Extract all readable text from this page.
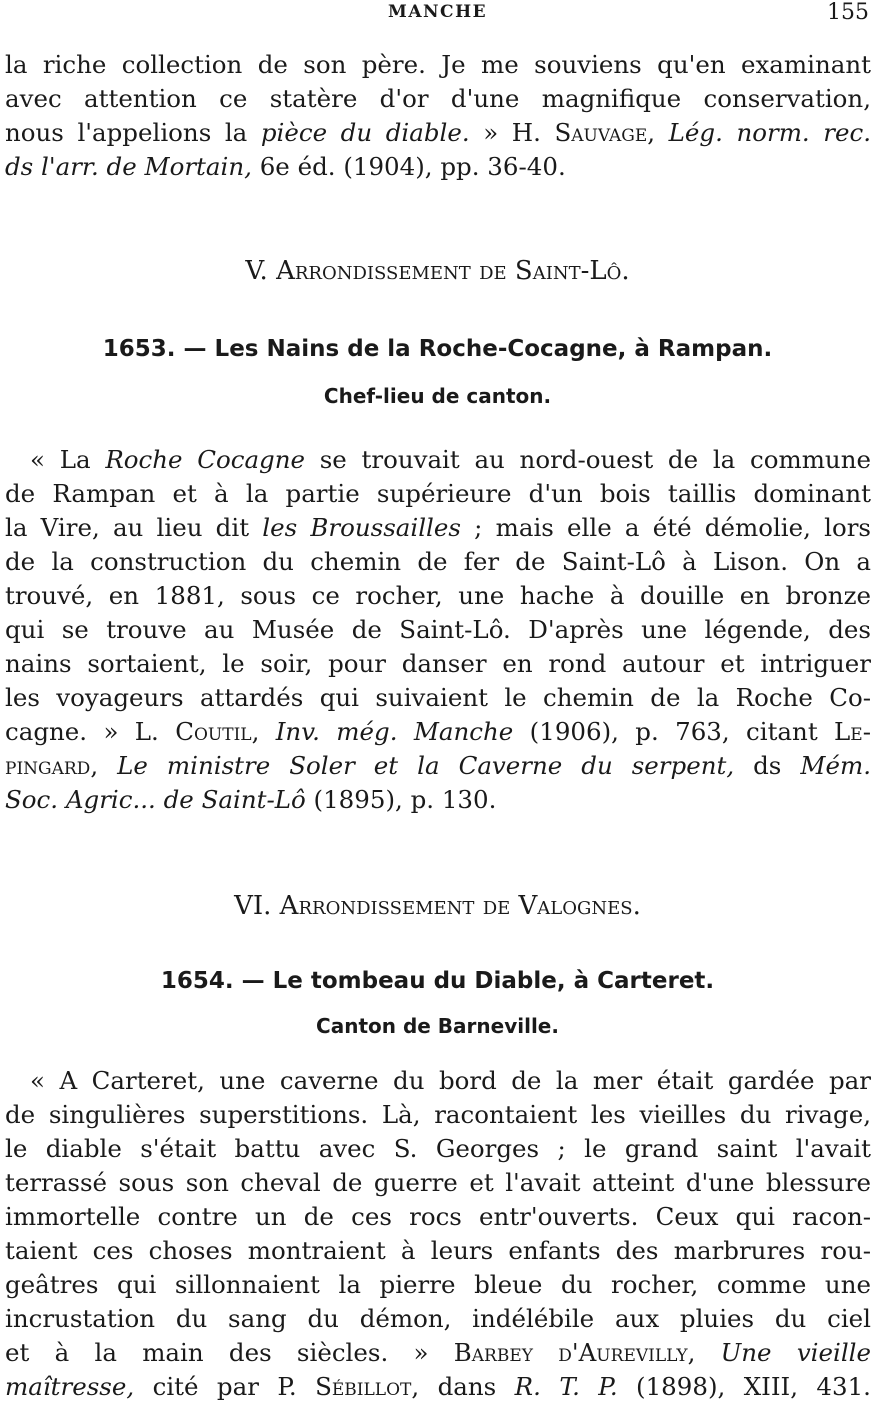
MANCHE	155
la riche collection de son père. Je me souviens qu'en examinant
avec attention ce statère d'or d'une magnifique conservation,
nous l'appelions la pièce du diable. » H. Sauvage, Lég. norm. rec.
ds l'arr. de Mortain, 6e éd. (1904), pp. 36-40.
V. Arrondissement de Saint-Lô.
1653. — Les Nains de la Roche-Cocagne, à Rampan.
Chef-lieu de canton.
« La Roche Cocagne se trouvait au nord-ouest de la commune
de Rampan et à la partie supérieure d'un bois taillis dominant
la Vire, au lieu dit les Broussailles ; mais elle a été démolie, lors
de la construction du chemin de fer de Saint-Lô à Lison. On a
trouvé, en 1881, sous ce rocher, une hache à douille en bronze
qui se trouve au Musée de Saint-Lô. D'après une légende, des
nains sortaient, le soir, pour danser en rond autour et intriguer
les voyageurs attardés qui suivaient le chemin de la Roche Co-
cagne. » L. Coutil, Inv. még. Manche (1906), p. 763, citant Le-
pingard, Le ministre Soler et la Caverne du serpent, ds Mém.
Soc. Agric... de Saint-Lô (1895), p. 130.
VI. Arrondissement de Valognes.
1654. — Le tombeau du Diable, à Carteret.
Canton de Barneville.
« A Carteret, une caverne du bord de la mer était gardée par
de singulières superstitions. Là, racontaient les vieilles du rivage,
le diable s'était battu avec S. Georges ; le grand saint l'avait
terrassé sous son cheval de guerre et l'avait atteint d'une blessure
immortelle contre un de ces rocs entr'ouverts. Ceux qui racon-
taient ces choses montraient à leurs enfants des marbrures rou-
geâtres qui sillonnaient la pierre bleue du rocher, comme une
incrustation du sang du démon, indélébile aux pluies du ciel
et à la main des siècles. » Barbey d'Aurevilly, Une vieille
maîtresse, cité par P. Sébillot, dans R. T. P. (1898), XIII, 431.
